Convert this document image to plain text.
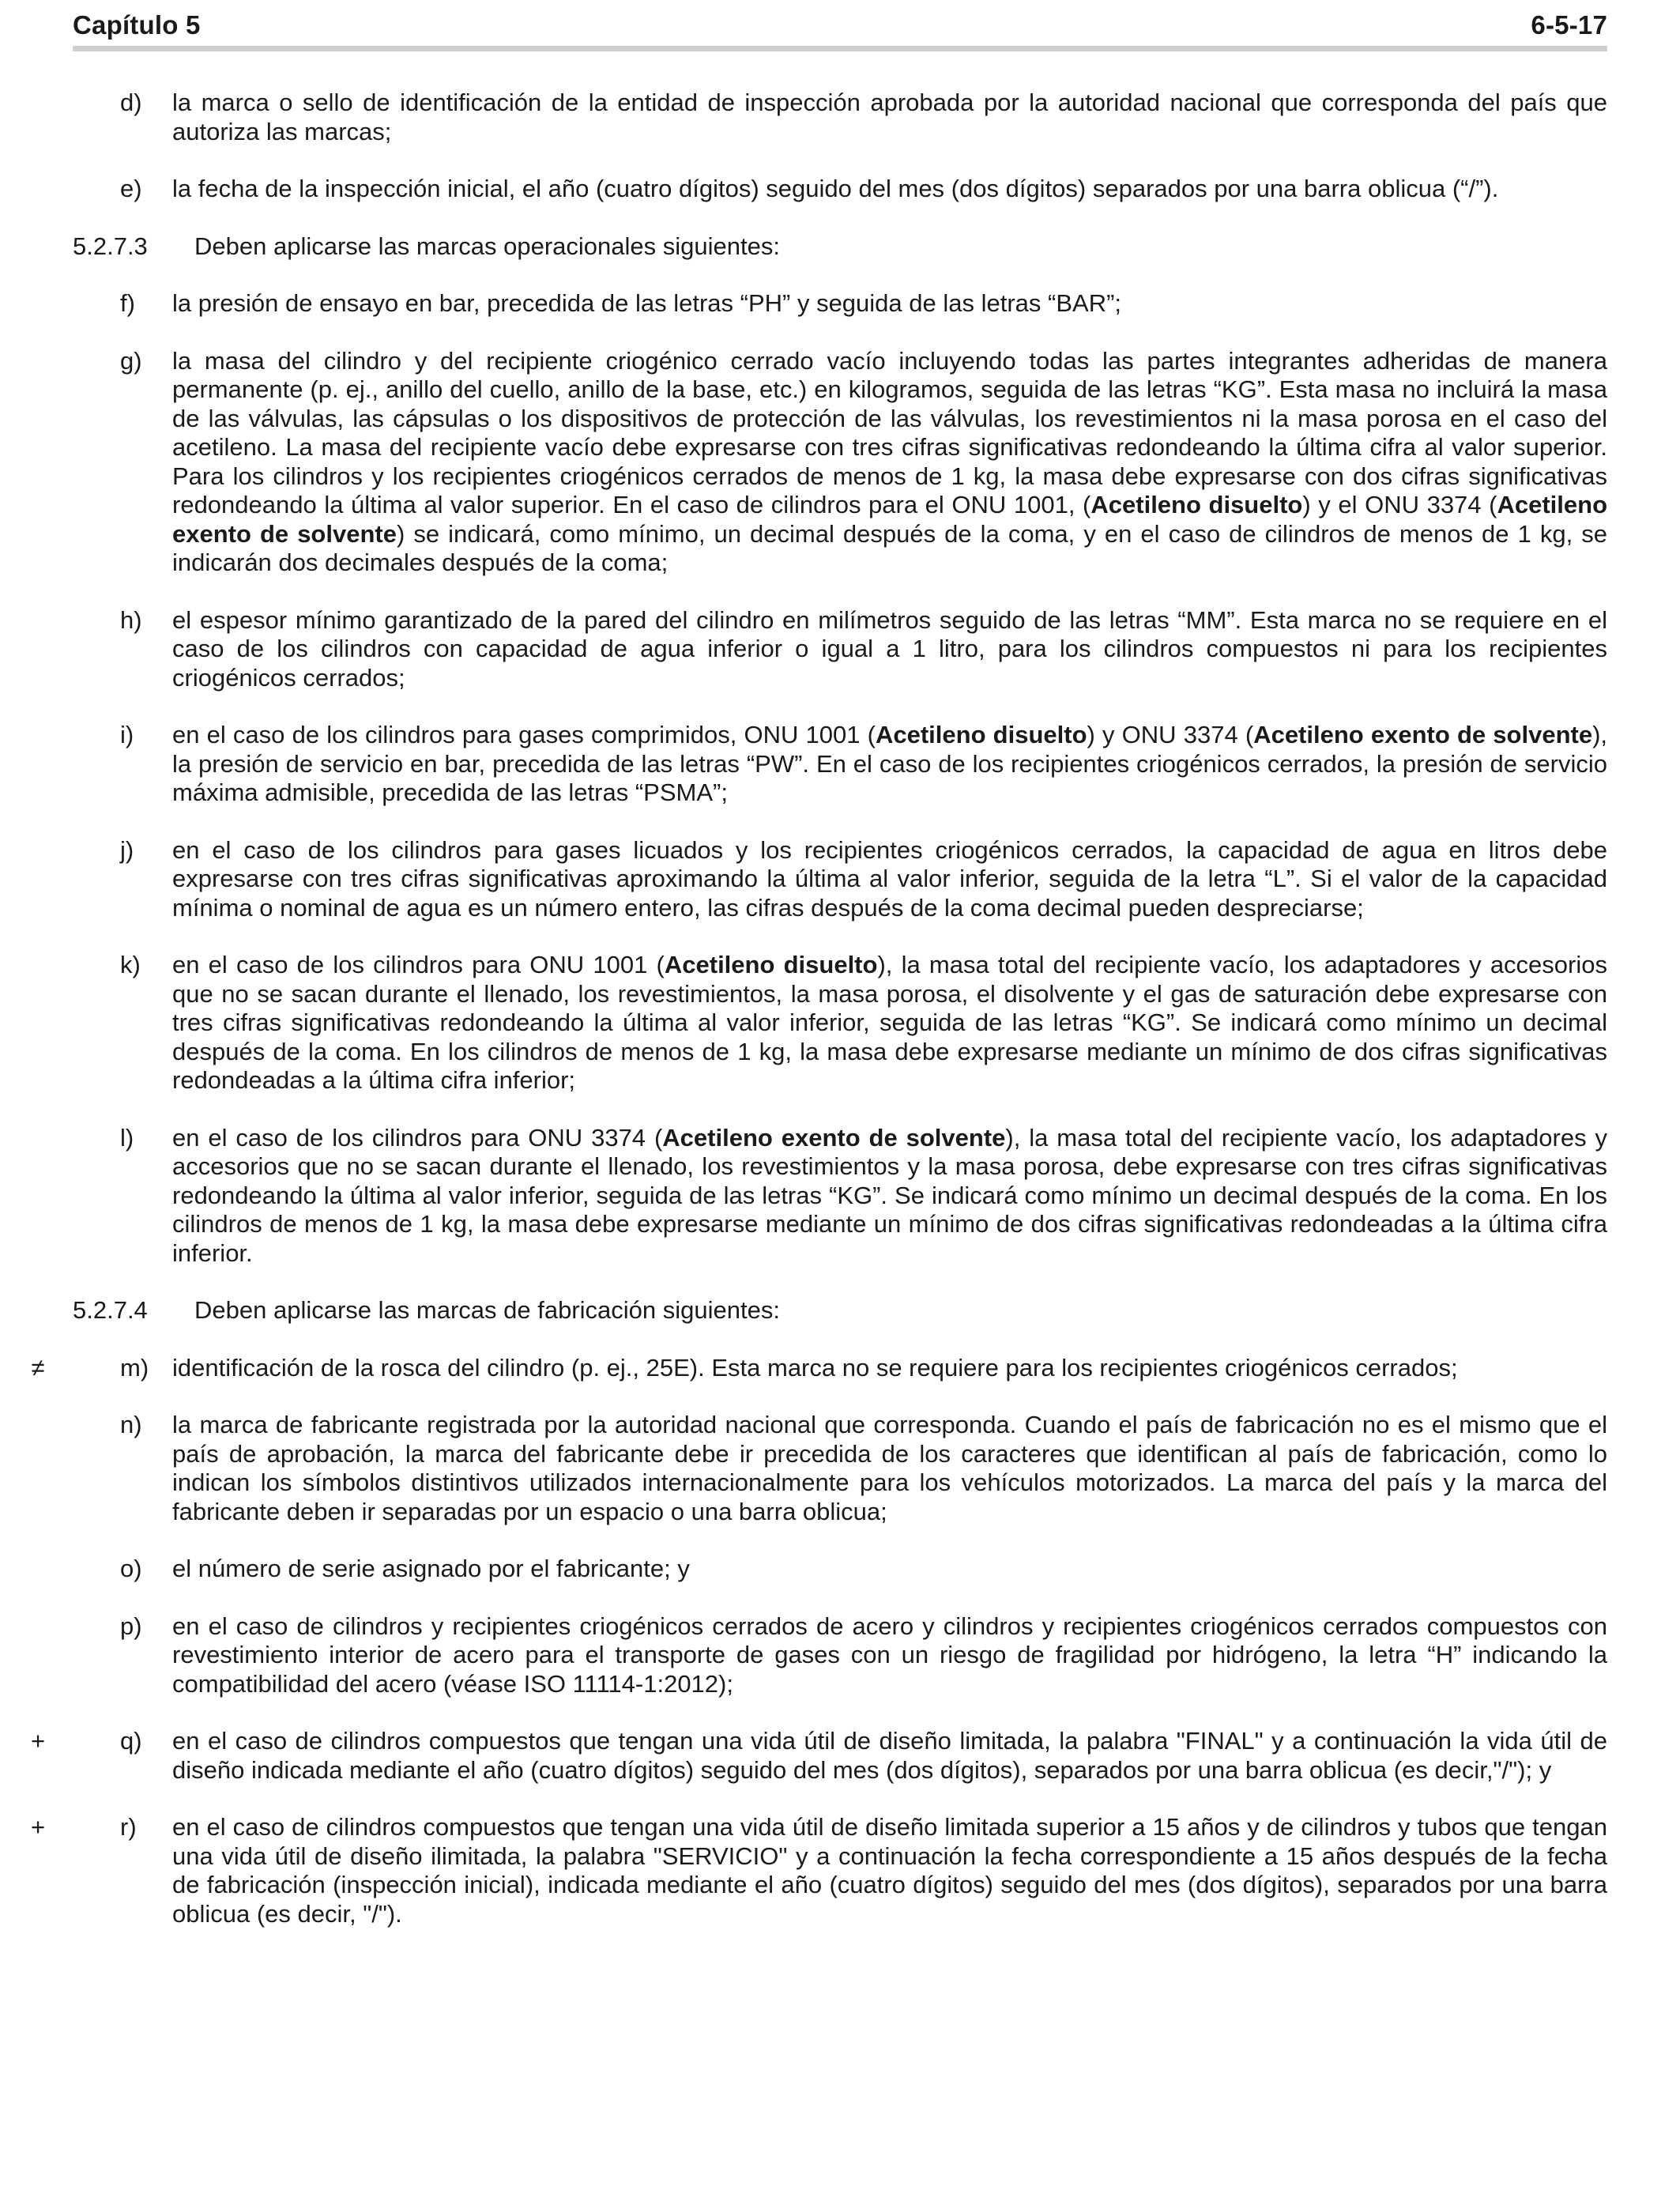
Capítulo 5	6-5-17
d) la marca o sello de identificación de la entidad de inspección aprobada por la autoridad nacional que corresponda del país que autoriza las marcas;
e) la fecha de la inspección inicial, el año (cuatro dígitos) seguido del mes (dos dígitos) separados por una barra oblicua (“/”).
5.2.7.3 Deben aplicarse las marcas operacionales siguientes:
f) la presión de ensayo en bar, precedida de las letras “PH” y seguida de las letras “BAR”;
g) la masa del cilindro y del recipiente criogénico cerrado vacío incluyendo todas las partes integrantes adheridas de manera permanente (p. ej., anillo del cuello, anillo de la base, etc.) en kilogramos, seguida de las letras “KG”. Esta masa no incluirá la masa de las válvulas, las cápsulas o los dispositivos de protección de las válvulas, los revestimientos ni la masa porosa en el caso del acetileno. La masa del recipiente vacío debe expresarse con tres cifras significativas redondeando la última cifra al valor superior. Para los cilindros y los recipientes criogénicos cerrados de menos de 1 kg, la masa debe expresarse con dos cifras significativas redondeando la última al valor superior. En el caso de cilindros para el ONU 1001, (Acetileno disuelto) y el ONU 3374 (Acetileno exento de solvente) se indicará, como mínimo, un decimal después de la coma, y en el caso de cilindros de menos de 1 kg, se indicarán dos decimales después de la coma;
h) el espesor mínimo garantizado de la pared del cilindro en milímetros seguido de las letras “MM”. Esta marca no se requiere en el caso de los cilindros con capacidad de agua inferior o igual a 1 litro, para los cilindros compuestos ni para los recipientes criogénicos cerrados;
i) en el caso de los cilindros para gases comprimidos, ONU 1001 (Acetileno disuelto) y ONU 3374 (Acetileno exento de solvente), la presión de servicio en bar, precedida de las letras “PW”. En el caso de los recipientes criogénicos cerrados, la presión de servicio máxima admisible, precedida de las letras “PSMA”;
j) en el caso de los cilindros para gases licuados y los recipientes criogénicos cerrados, la capacidad de agua en litros debe expresarse con tres cifras significativas aproximando la última al valor inferior, seguida de la letra “L”. Si el valor de la capacidad mínima o nominal de agua es un número entero, las cifras después de la coma decimal pueden despreciarse;
k) en el caso de los cilindros para ONU 1001 (Acetileno disuelto), la masa total del recipiente vacío, los adaptadores y accesorios que no se sacan durante el llenado, los revestimientos, la masa porosa, el disolvente y el gas de saturación debe expresarse con tres cifras significativas redondeando la última al valor inferior, seguida de las letras “KG”. Se indicará como mínimo un decimal después de la coma. En los cilindros de menos de 1 kg, la masa debe expresarse mediante un mínimo de dos cifras significativas redondeadas a la última cifra inferior;
l) en el caso de los cilindros para ONU 3374 (Acetileno exento de solvente), la masa total del recipiente vacío, los adaptadores y accesorios que no se sacan durante el llenado, los revestimientos y la masa porosa, debe expresarse con tres cifras significativas redondeando la última al valor inferior, seguida de las letras “KG”. Se indicará como mínimo un decimal después de la coma. En los cilindros de menos de 1 kg, la masa debe expresarse mediante un mínimo de dos cifras significativas redondeadas a la última cifra inferior.
5.2.7.4 Deben aplicarse las marcas de fabricación siguientes:
≠	m) identificación de la rosca del cilindro (p. ej., 25E). Esta marca no se requiere para los recipientes criogénicos cerrados;
n) la marca de fabricante registrada por la autoridad nacional que corresponda. Cuando el país de fabricación no es el mismo que el país de aprobación, la marca del fabricante debe ir precedida de los caracteres que identifican al país de fabricación, como lo indican los símbolos distintivos utilizados internacionalmente para los vehículos motorizados. La marca del país y la marca del fabricante deben ir separadas por un espacio o una barra oblicua;
o) el número de serie asignado por el fabricante; y
p) en el caso de cilindros y recipientes criogénicos cerrados de acero y cilindros y recipientes criogénicos cerrados compuestos con revestimiento interior de acero para el transporte de gases con un riesgo de fragilidad por hidrógeno, la letra “H” indicando la compatibilidad del acero (véase ISO 11114-1:2012);
+	q) en el caso de cilindros compuestos que tengan una vida útil de diseño limitada, la palabra "FINAL" y a continuación la vida útil de diseño indicada mediante el año (cuatro dígitos) seguido del mes (dos dígitos), separados por una barra oblicua (es decir,"/"); y
+	r) en el caso de cilindros compuestos que tengan una vida útil de diseño limitada superior a 15 años y de cilindros y tubos que tengan una vida útil de diseño ilimitada, la palabra "SERVICIO" y a continuación la fecha correspondiente a 15 años después de la fecha de fabricación (inspección inicial), indicada mediante el año (cuatro dígitos) seguido del mes (dos dígitos), separados por una barra oblicua (es decir, "/").
